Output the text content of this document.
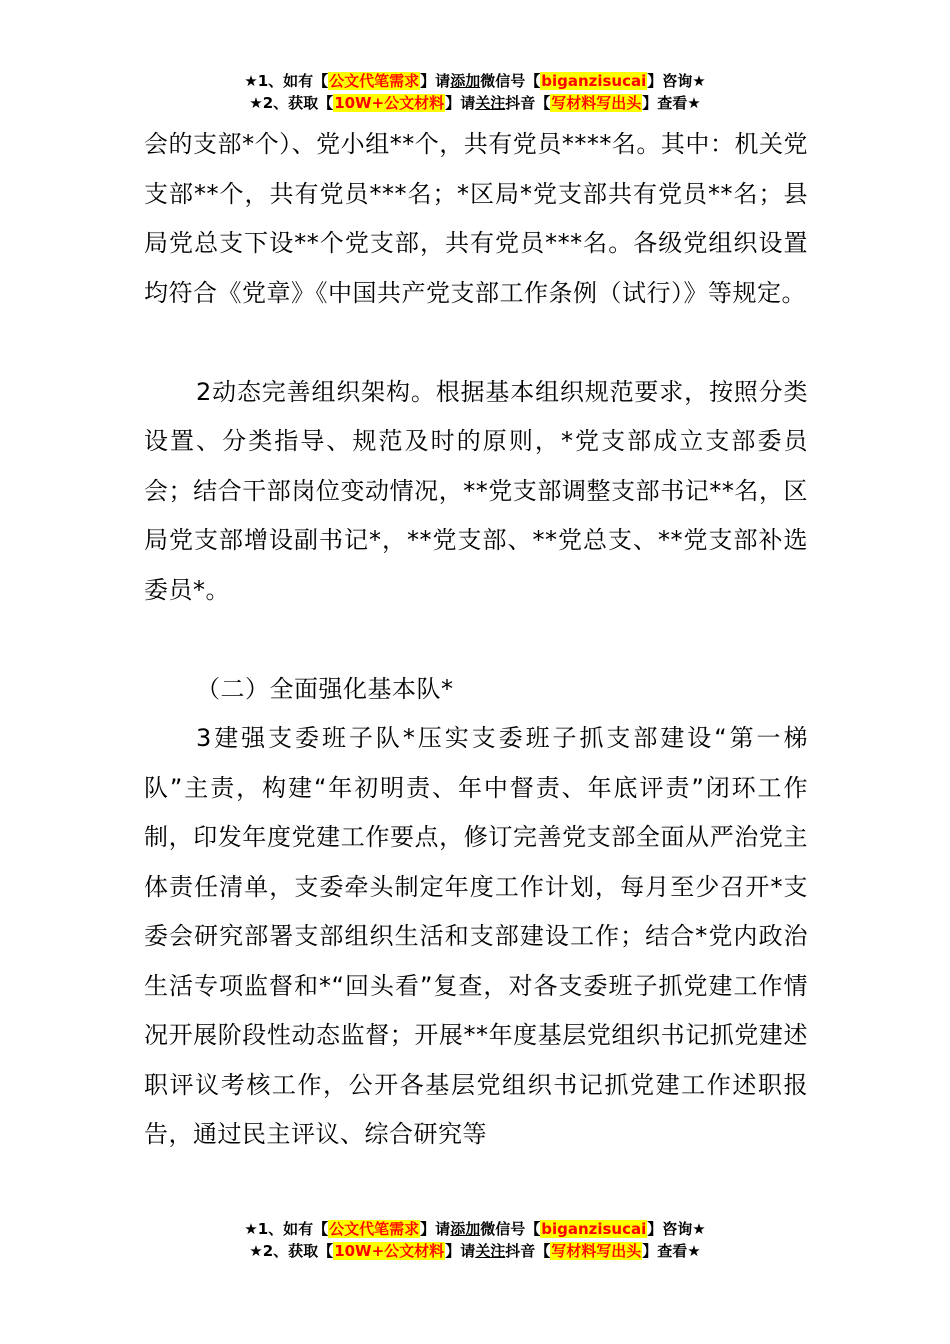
★1、如有【公文代笔需求】请添加微信号【biganzisucai】咨询★
★2、获取【10W+公文材料】请关注抖音【写材料写出头】查看★

会的支部*个）、党小组**个，共有党员****名。其中：机关党支部**个，共有党员***名；*区局*党支部共有党员**名；县局党总支下设**个党支部，共有党员***名。各级党组织设置均符合《党章》《中国共产党支部工作条例（试行）》等规定。

2动态完善组织架构。根据基本组织规范要求，按照分类设置、分类指导、规范及时的原则，*党支部成立支部委员会；结合干部岗位变动情况，**党支部调整支部书记**名，区局党支部增设副书记*，**党支部、**党总支、**党支部补选委员*。

（二）全面强化基本队*

3建强支委班子队*压实支委班子抓支部建设“第一梯队”主责，构建“年初明责、年中督责、年底评责”闭环工作制，印发年度党建工作要点，修订完善党支部全面从严治党主体责任清单，支委牵头制定年度工作计划，每月至少召开*支委会研究部署支部组织生活和支部建设工作；结合*党内政治生活专项监督和*“回头看”复查，对各支委班子抓党建工作情况开展阶段性动态监督；开展**年度基层党组织书记抓党建述职评议考核工作，公开各基层党组织书记抓党建工作述职报告，通过民主评议、综合研究等

★1、如有【公文代笔需求】请添加微信号【biganzisucai】咨询★
★2、获取【10W+公文材料】请关注抖音【写材料写出头】查看★
